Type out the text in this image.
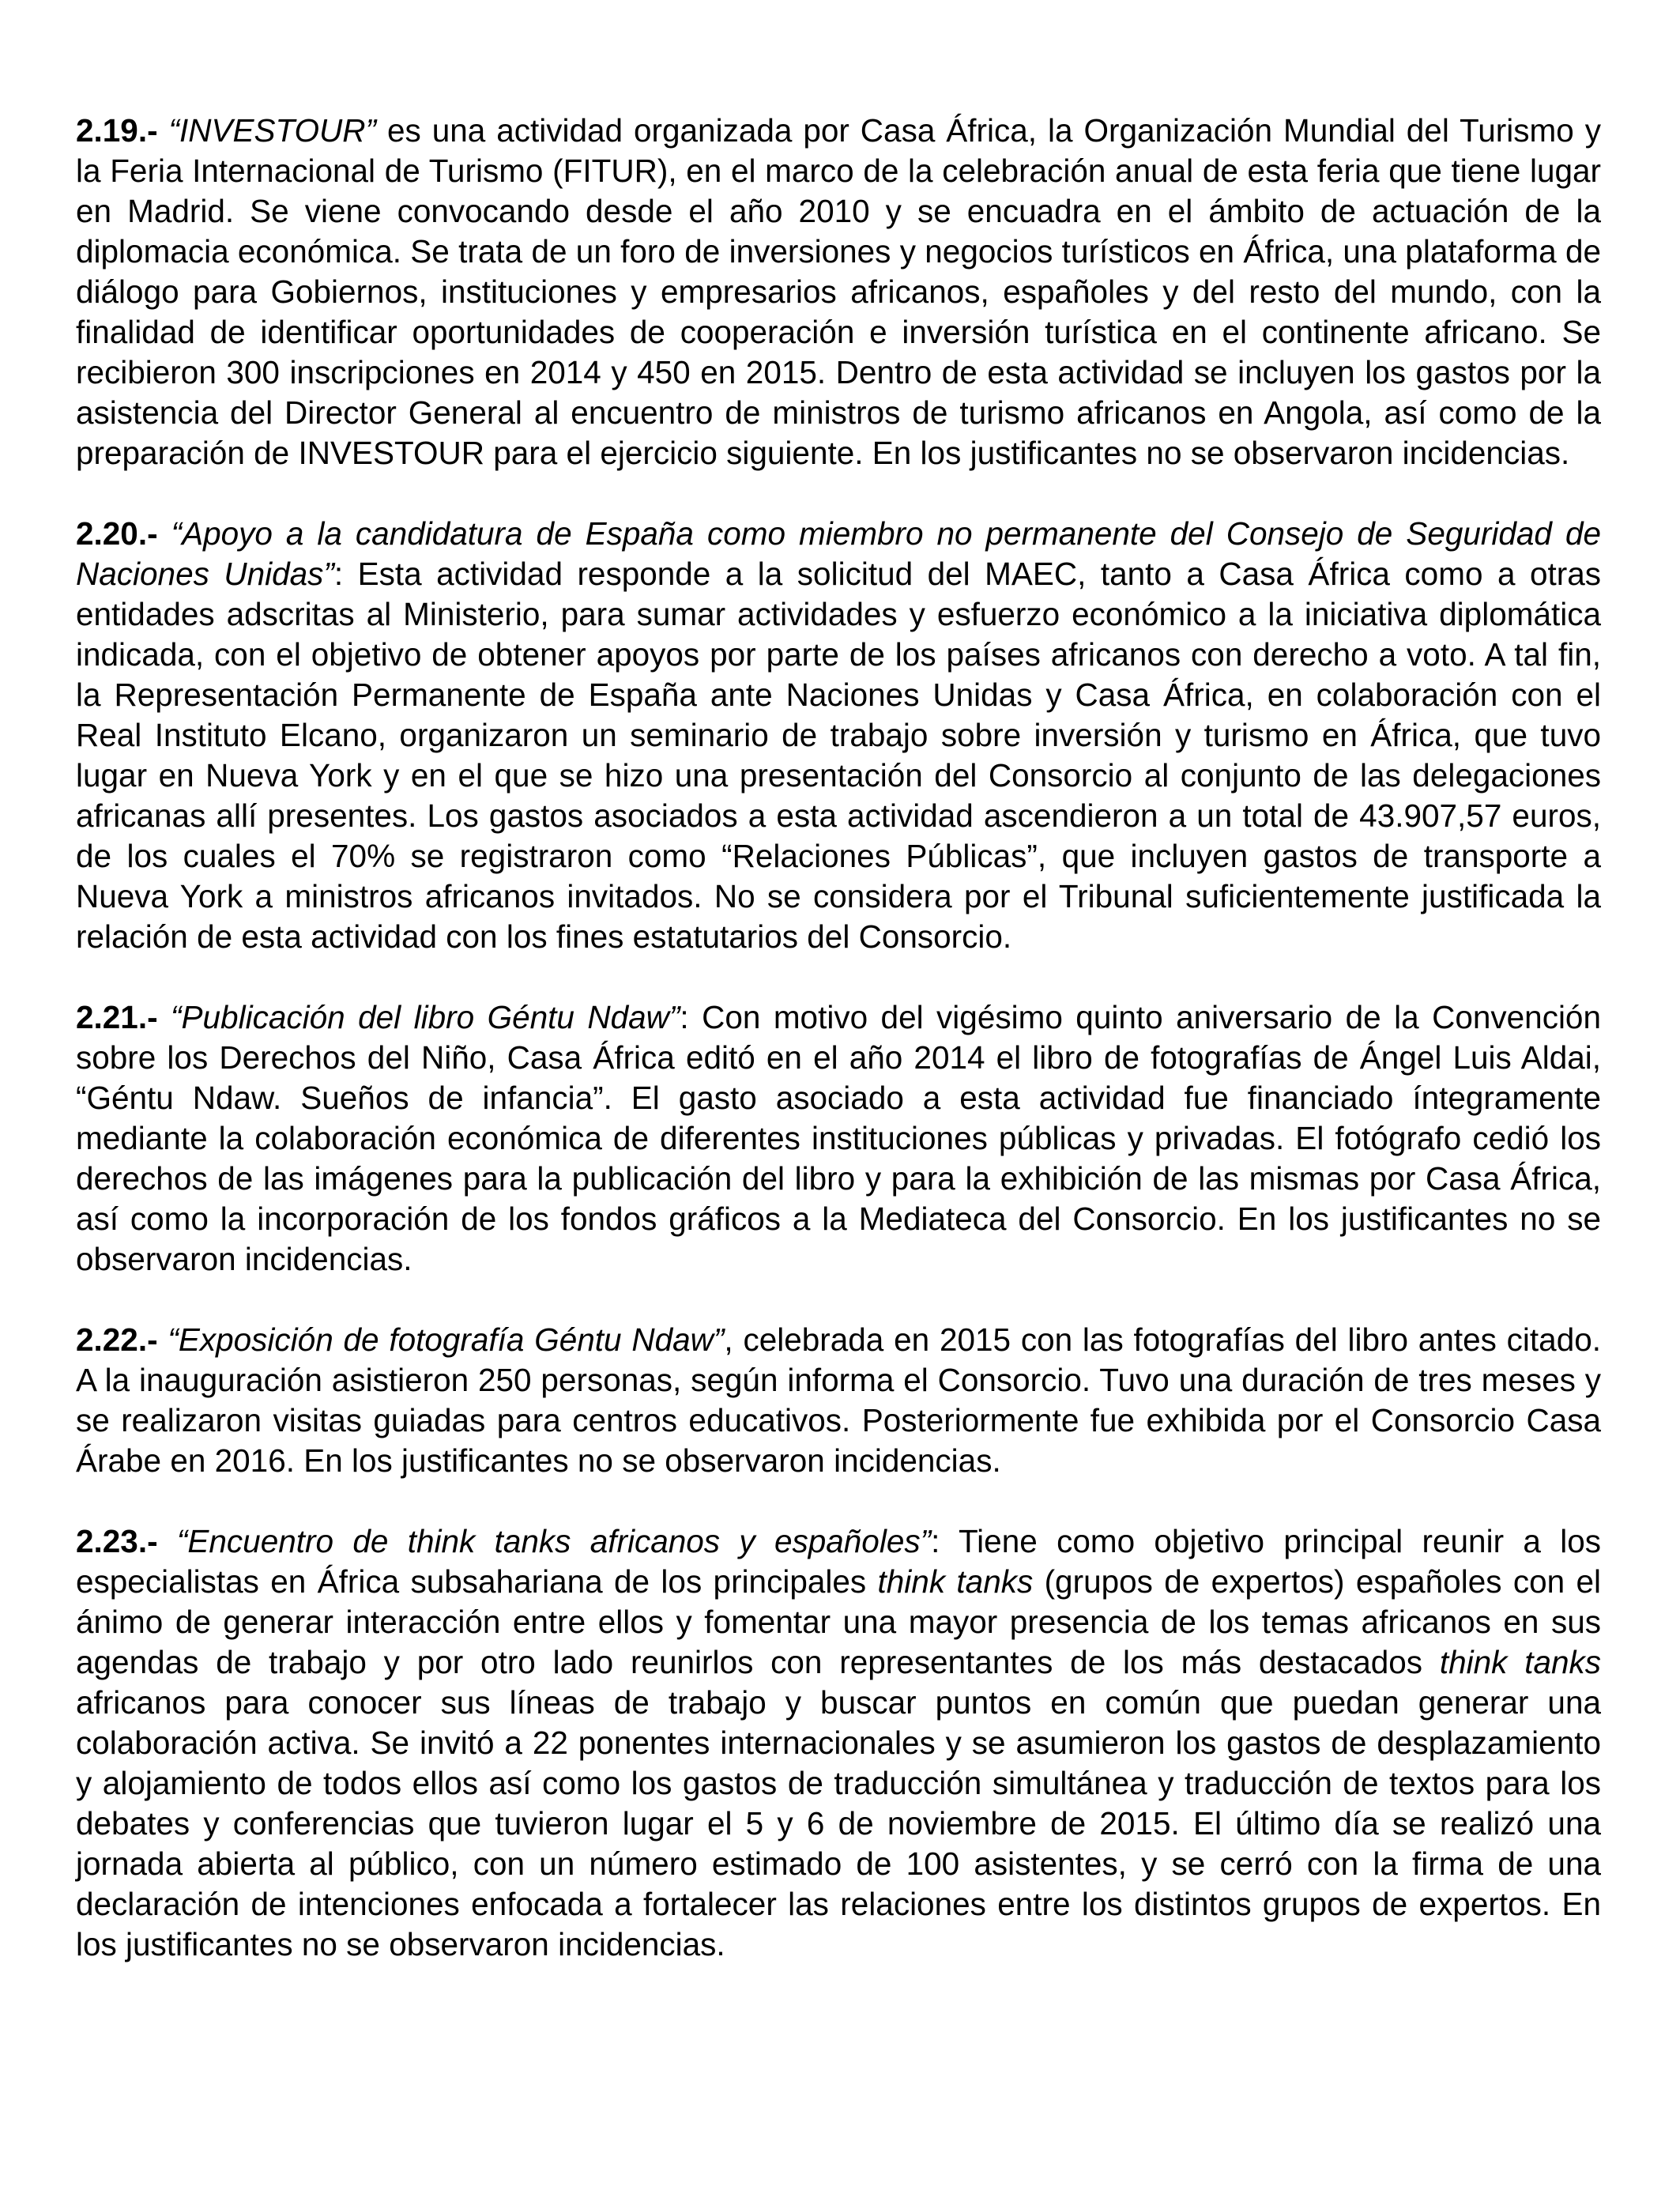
2.19.- “INVESTOUR” es una actividad organizada por Casa África, la Organización Mundial del Turismo y la Feria Internacional de Turismo (FITUR), en el marco de la celebración anual de esta feria que tiene lugar en Madrid. Se viene convocando desde el año 2010 y se encuadra en el ámbito de actuación de la diplomacia económica. Se trata de un foro de inversiones y negocios turísticos en África, una plataforma de diálogo para Gobiernos, instituciones y empresarios africanos, españoles y del resto del mundo, con la finalidad de identificar oportunidades de cooperación e inversión turística en el continente africano. Se recibieron 300 inscripciones en 2014 y 450 en 2015. Dentro de esta actividad se incluyen los gastos por la asistencia del Director General al encuentro de ministros de turismo africanos en Angola, así como de la preparación de INVESTOUR para el ejercicio siguiente. En los justificantes no se observaron incidencias.

2.20.- “Apoyo a la candidatura de España como miembro no permanente del Consejo de Seguridad de Naciones Unidas”: Esta actividad responde a la solicitud del MAEC, tanto a Casa África como a otras entidades adscritas al Ministerio, para sumar actividades y esfuerzo económico a la iniciativa diplomática indicada, con el objetivo de obtener apoyos por parte de los países africanos con derecho a voto. A tal fin, la Representación Permanente de España ante Naciones Unidas y Casa África, en colaboración con el Real Instituto Elcano, organizaron un seminario de trabajo sobre inversión y turismo en África, que tuvo lugar en Nueva York y en el que se hizo una presentación del Consorcio al conjunto de las delegaciones africanas allí presentes. Los gastos asociados a esta actividad ascendieron a un total de 43.907,57 euros, de los cuales el 70% se registraron como “Relaciones Públicas”, que incluyen gastos de transporte a Nueva York a ministros africanos invitados. No se considera por el Tribunal suficientemente justificada la relación de esta actividad con los fines estatutarios del Consorcio.

2.21.- “Publicación del libro Géntu Ndaw”: Con motivo del vigésimo quinto aniversario de la Convención sobre los Derechos del Niño, Casa África editó en el año 2014 el libro de fotografías de Ángel Luis Aldai, “Géntu Ndaw. Sueños de infancia”. El gasto asociado a esta actividad fue financiado íntegramente mediante la colaboración económica de diferentes instituciones públicas y privadas. El fotógrafo cedió los derechos de las imágenes para la publicación del libro y para la exhibición de las mismas por Casa África, así como la incorporación de los fondos gráficos a la Mediateca del Consorcio. En los justificantes no se observaron incidencias.

2.22.- “Exposición de fotografía Géntu Ndaw”, celebrada en 2015 con las fotografías del libro antes citado. A la inauguración asistieron 250 personas, según informa el Consorcio. Tuvo una duración de tres meses y se realizaron visitas guiadas para centros educativos. Posteriormente fue exhibida por el Consorcio Casa Árabe en 2016. En los justificantes no se observaron incidencias.

2.23.- “Encuentro de think tanks africanos y españoles”: Tiene como objetivo principal reunir a los especialistas en África subsahariana de los principales think tanks (grupos de expertos) españoles con el ánimo de generar interacción entre ellos y fomentar una mayor presencia de los temas africanos en sus agendas de trabajo y por otro lado reunirlos con representantes de los más destacados think tanks africanos para conocer sus líneas de trabajo y buscar puntos en común que puedan generar una colaboración activa. Se invitó a 22 ponentes internacionales y se asumieron los gastos de desplazamiento y alojamiento de todos ellos así como los gastos de traducción simultánea y traducción de textos para los debates y conferencias que tuvieron lugar el 5 y 6 de noviembre de 2015. El último día se realizó una jornada abierta al público, con un número estimado de 100 asistentes, y se cerró con la firma de una declaración de intenciones enfocada a fortalecer las relaciones entre los distintos grupos de expertos. En los justificantes no se observaron incidencias.
